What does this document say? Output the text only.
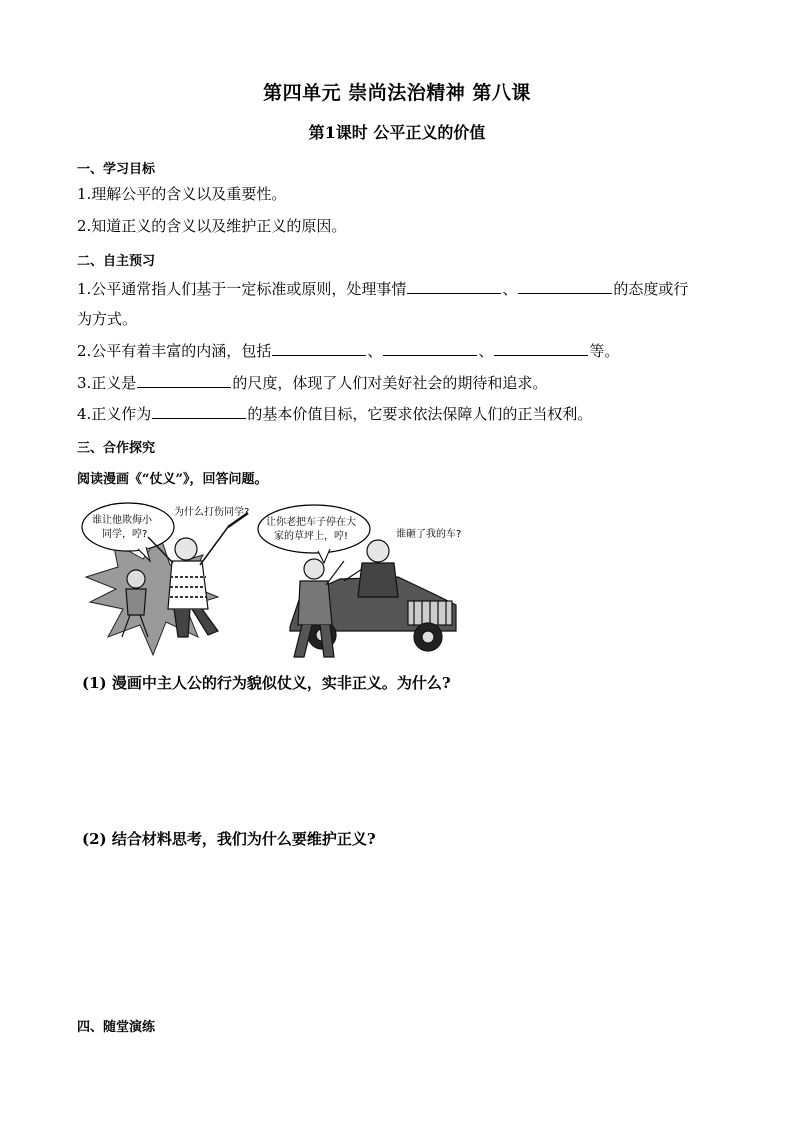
第四单元 崇尚法治精神 第八课
第1课时 公平正义的价值
一、学习目标
1.理解公平的含义以及重要性。
2.知道正义的含义以及维护正义的原因。
二、自主预习
1.公平通常指人们基于一定标准或原则，处理事情	、	的态度或行
为方式。
2.公平有着丰富的内涵，包括	、	、	等。
3.正义是	的尺度，体现了人们对美好社会的期待和追求。
4.正义作为	的基本价值目标，它要求依法保障人们的正当权利。
三、合作探究
阅读漫画《“仗义”》，回答问题。
谁让他欺侮小
同学，哼?
为什么打伤同学?
让你老把车子停在大
家的草坪上，哼!	谁砸了我的车?
(1) 漫画中主人公的行为貌似仗义，实非正义。为什么?
(2) 结合材料思考，我们为什么要维护正义?
四、随堂演练
